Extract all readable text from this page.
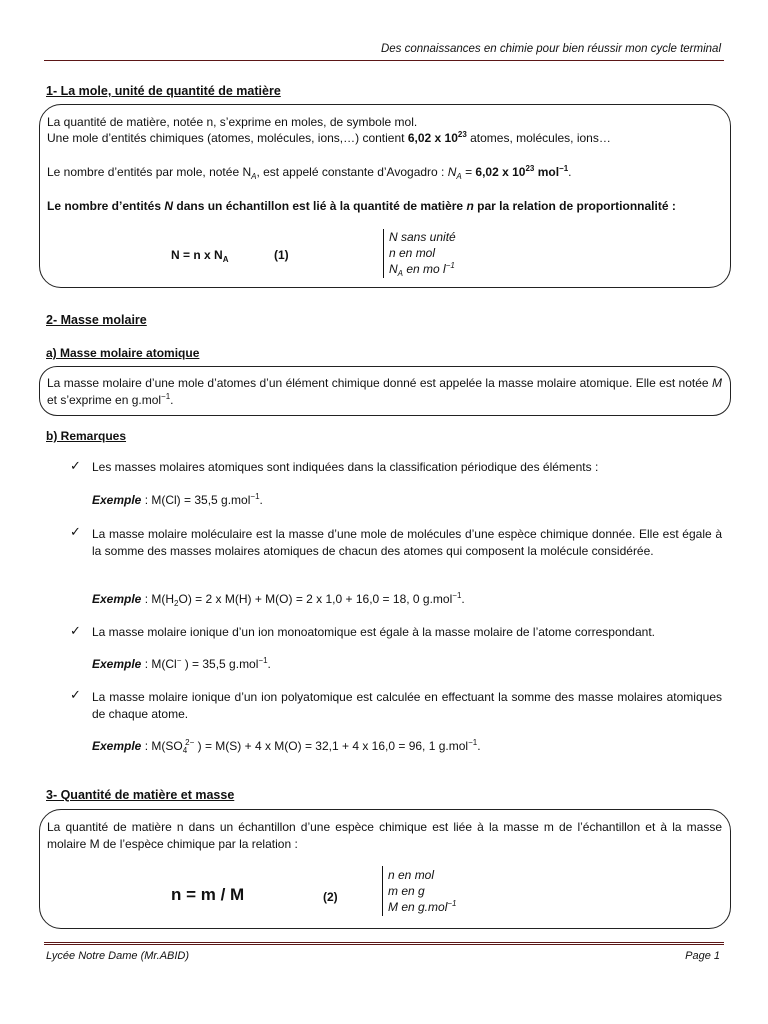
Des connaissances en chimie pour bien réussir mon cycle terminal
1- La mole, unité de quantité de matière
La quantité de matière, notée n, s’exprime en moles, de symbole mol.
Une mole d’entités chimiques (atomes, molécules, ions,…) contient 6,02 x $10^{23}$ atomes, molécules, ions…
Le nombre d’entités par mole, notée $N_A$, est appelé constante d’Avogadro : $N_A = 6,02$ x $10^{23}$ mol$^{-1}$.
Le nombre d’entités N dans un échantillon est lié à la quantité de matière n par la relation de proportionnalité :
N = n x $N_A$	(1)
N sans unité
n en mol
$N_A$ en mo $l^{-1}$
2- Masse molaire
a) Masse molaire atomique
La masse molaire d’une mole d’atomes d’un élément chimique donné est appelée la masse molaire atomique. Elle est notée M et s’exprime en g.mol$^{-1}$.
b) Remarques
✓ Les masses molaires atomiques sont indiquées dans la classification périodique des éléments :
Exemple : M(Cl) = 35,5 g.mol$^{-1}$.
✓ La masse molaire moléculaire est la masse d’une mole de molécules d’une espèce chimique donnée. Elle est égale à la somme des masses molaires atomiques de chacun des atomes qui composent la molécule considérée.
Exemple : $M(H_2O) = 2$ x M(H) + M(O) = 2 x 1,0 + 16,0 = 18, 0 g.mol$^{-1}$.
✓ La masse molaire ionique d’un ion monoatomique est égale à la masse molaire de l’atome correspondant.
Exemple : M(Cl− ) = 35,5 g.mol$^{-1}$.
✓ La masse molaire ionique d’un ion polyatomique est calculée en effectuant la somme des masse molaires atomiques de chaque atome.
Exemple : $M(SO_4^{2-}$ ) = M(S) + 4 x M(O) = 32,1 + 4 x 16,0 = 96, 1 g.mol$^{-1}$.
3- Quantité de matière et masse
La quantité de matière n dans un échantillon d’une espèce chimique est liée à la masse m de l’échantillon et à la masse molaire M de l’espèce chimique par la relation :
n = m / M	(2)
n en mol
m en g
M en g.mol$^{-1}$
Lycée Notre Dame (Mr.ABID)	Page 1
